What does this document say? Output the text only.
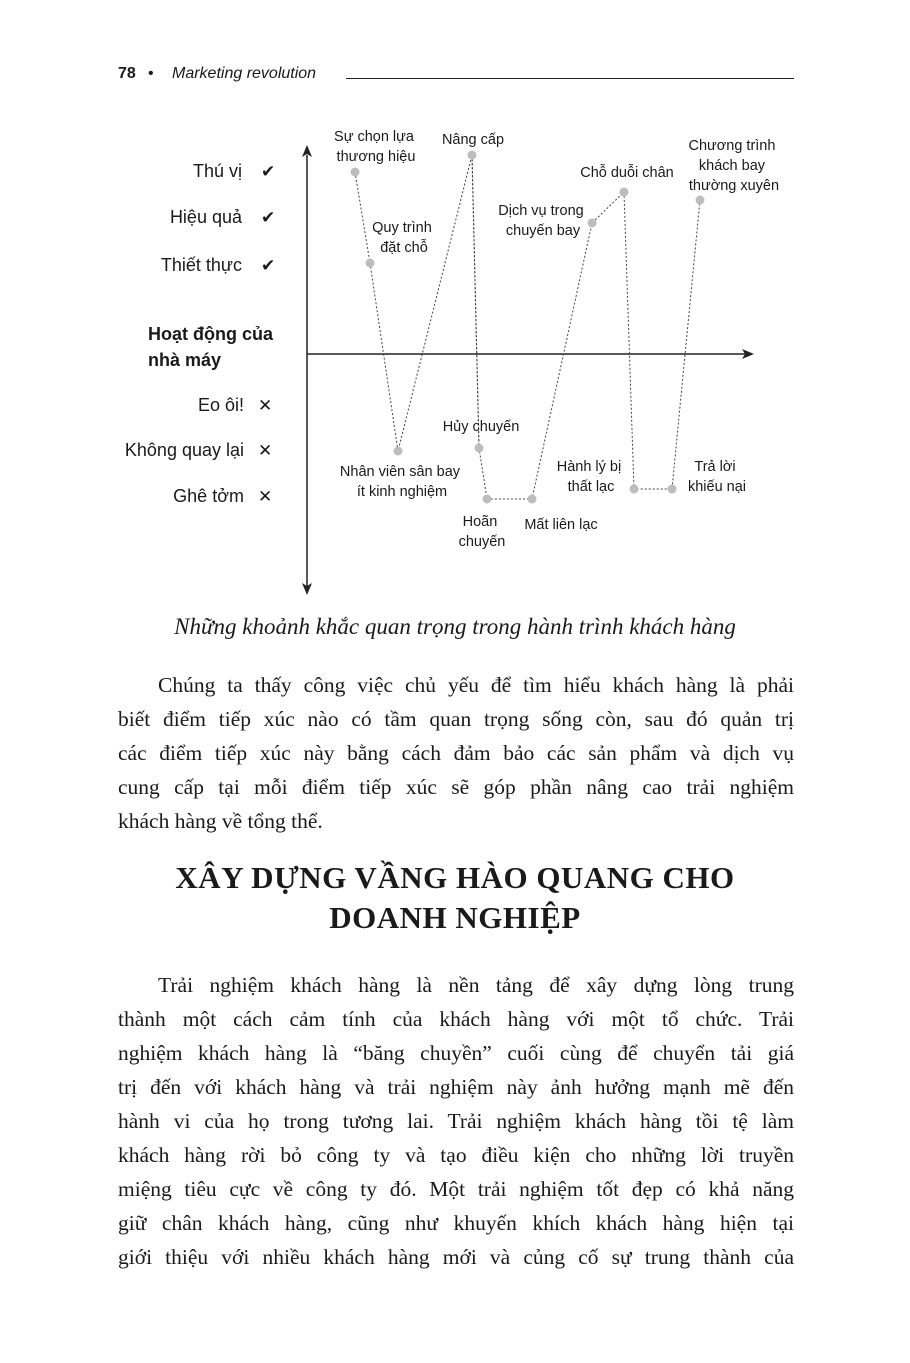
78 • Marketing revolution
Thú vị
Hiệu quả
Thiết thực
✔
✔
✔
Hoạt động của
nhà máy
Eo ôi!
Không quay lại
Ghê tởm
✕
✕
✕
Sự chọn lựa thương hiệu
Quy trình đặt chỗ
Nhân viên sân bay ít kinh nghiệm
Nâng cấp
Hủy chuyến
Hoãn chuyến
Mất liên lạc
Dịch vụ trong chuyến bay
Chỗ duỗi chân
Hành lý bị thất lạc
Trả lời khiếu nại
Chương trình khách bay thường xuyên
Những khoảnh khắc quan trọng trong hành trình khách hàng
Chúng ta thấy công việc chủ yếu để tìm hiểu khách hàng là phải
biết điểm tiếp xúc nào có tầm quan trọng sống còn, sau đó quản trị
các điểm tiếp xúc này bằng cách đảm bảo các sản phẩm và dịch vụ
cung cấp tại mỗi điểm tiếp xúc sẽ góp phần nâng cao trải nghiệm
khách hàng về tổng thể.
XÂY DỰNG VẦNG HÀO QUANG CHO
DOANH NGHIỆP
Trải nghiệm khách hàng là nền tảng để xây dựng lòng trung
thành một cách cảm tính của khách hàng với một tổ chức. Trải
nghiệm khách hàng là “băng chuyền” cuối cùng để chuyển tải giá
trị đến với khách hàng và trải nghiệm này ảnh hưởng mạnh mẽ đến
hành vi của họ trong tương lai. Trải nghiệm khách hàng tồi tệ làm
khách hàng rời bỏ công ty và tạo điều kiện cho những lời truyền
miệng tiêu cực về công ty đó. Một trải nghiệm tốt đẹp có khả năng
giữ chân khách hàng, cũng như khuyến khích khách hàng hiện tại
giới thiệu với nhiều khách hàng mới và củng cố sự trung thành của
